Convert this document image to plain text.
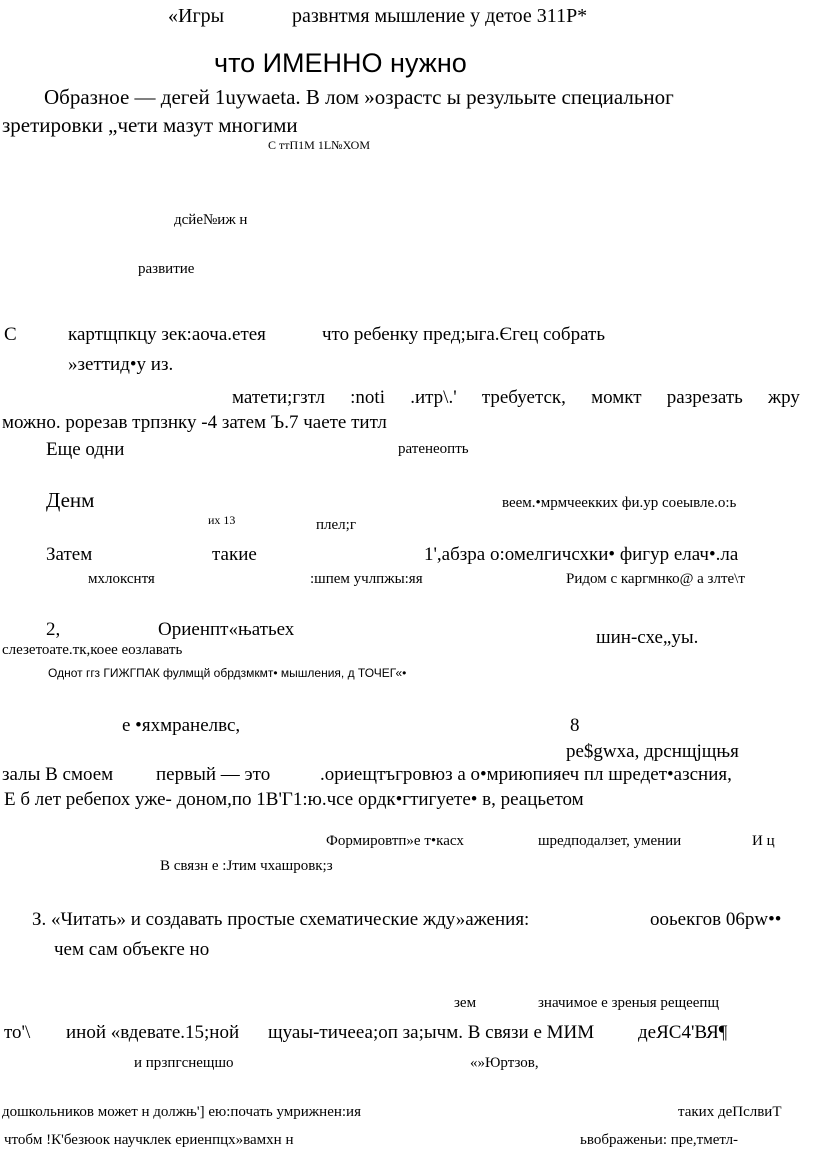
«Игры	развнтмя мышление у детое 311Р*
что ИМЕННО нужно
Образное — дегей 1uywaeta. В лом »озрастс ы резульыте специальног
зретировки „чети мазут многими
С ттП1М 1L№ХОМ
дсйе№иж н
развитие
С	картщпкцу зек:аоча.етея	что ребенку пред;ыга.Єгец собрать
»зеттид•у из.
матети;гзтл :noti .итр\.' требуетск, момкт разрезать жру
можно. рорезав трпзнку -4 затем Ъ.7 чаете титл
Еще одни	ратенеопть
Денм	веем.•мрмчеекких фи.ур соеывле.о:ь
их 13	плел;г
Затем	такие	1',абзра о:омелгичсхки• фигур елач•.ла
мхлокснтя	:шпем учлпжы:яя	Ридом с каргмнко@ а злте\т
2,	Ориенпт«њатьех	шин-схе„уы.
слезетоате.тк,коее еозлавать
Однот ггз ГИЖГПАК фулмщй обрдзмкмт• мышления, д ТОЧЕГ«•
е •яхмранелвс,	8
ре$gwxa, дрснщjщњя
залы В смоем первый — это	.ориещтъгровюз а о•мриюпияеч пл шредет•азсния,
Е б лет ребепох уже- доном,по 1В'Г1:ю.чсе ордк•гтигуете• в, реацьетом
Формировтп»е т•касх	шредподалзет, умении	И ц
В связн е :Јтим чхашровк;з
З. «Читать» и создавать простые схематические жду»ажения:	ооьекгов 06рw••
чем сам объекге но
зем	значимое е зреныя рещеепщ
то'\ иной «вдевате.15;ной щуаы-тичееа;оп за;ычм. В связи е МИМ деЯС4'ВЯ¶
и прзпгснещшо	«»Юртзов,
дошкольников может н должњ'] ею:почать умрижнен:ия	таких деПслвиТ
чтобм !К'безюок научклек ериенпцх»вамхн н	ьвображеньи: пре,тметл-
